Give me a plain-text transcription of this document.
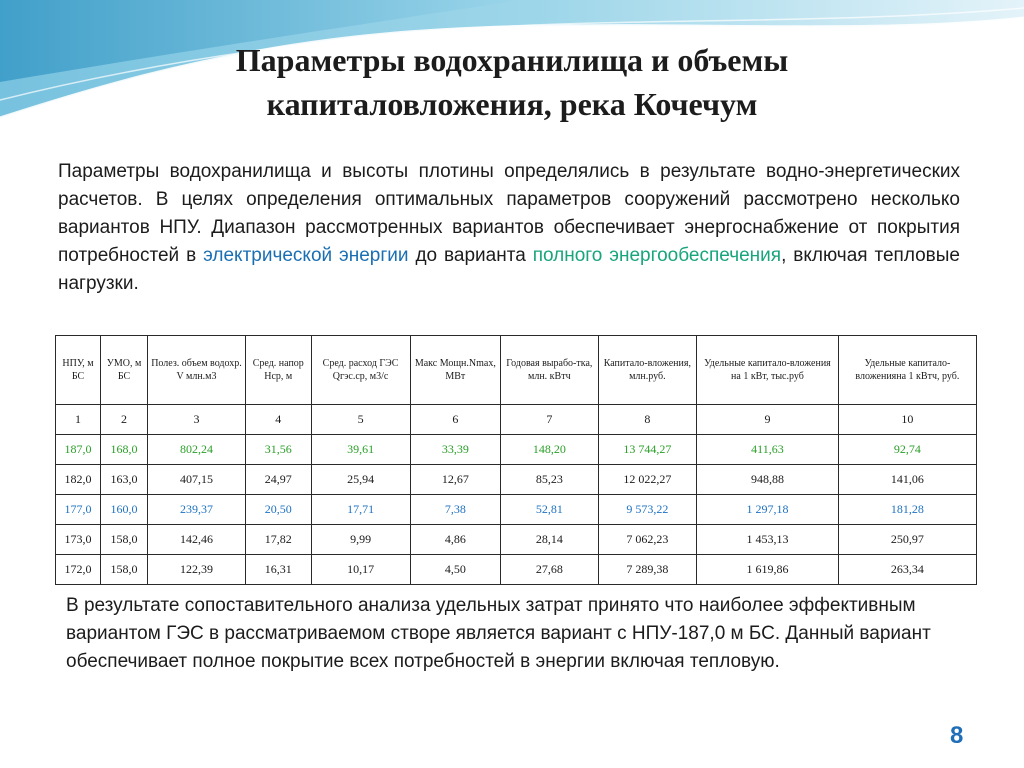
Параметры водохранилища и объемы
капиталовложения, река Кочечум
Параметры водохранилища и высоты плотины определялись в результате водно-энергетических расчетов. В целях определения оптимальных параметров сооружений рассмотрено несколько вариантов НПУ. Диапазон рассмотренных вариантов обеспечивает энергоснабжение от покрытия потребностей в электрической энергии до варианта полного энергообеспечения, включая тепловые нагрузки.
НПУ, м БС	УМО, м БС	Полез. объем водохр. V млн.м3	Сред. напор Нср, м	Сред. расход ГЭС Qгэс.ср, м3/с	Макс Мощн.Nmax, МВт	Годовая вырабо-тка, млн. кВтч	Капитало-вложения, млн.руб.	Удельные капитало-вложения на 1 кВт, тыс.руб	Удельные капитало-вложенияна 1 кВтч, руб.
1	2	3	4	5	6	7	8	9	10
187,0	168,0	802,24	31,56	39,61	33,39	148,20	13 744,27	411,63	92,74
182,0	163,0	407,15	24,97	25,94	12,67	85,23	12 022,27	948,88	141,06
177,0	160,0	239,37	20,50	17,71	7,38	52,81	9 573,22	1 297,18	181,28
173,0	158,0	142,46	17,82	9,99	4,86	28,14	7 062,23	1 453,13	250,97
172,0	158,0	122,39	16,31	10,17	4,50	27,68	7 289,38	1 619,86	263,34
В результате сопоставительного анализа удельных затрат принято что наиболее эффективным вариантом ГЭС в рассматриваемом створе является вариант с НПУ-187,0 м БС. Данный вариант обеспечивает полное покрытие всех потребностей в энергии включая тепловую.
8
